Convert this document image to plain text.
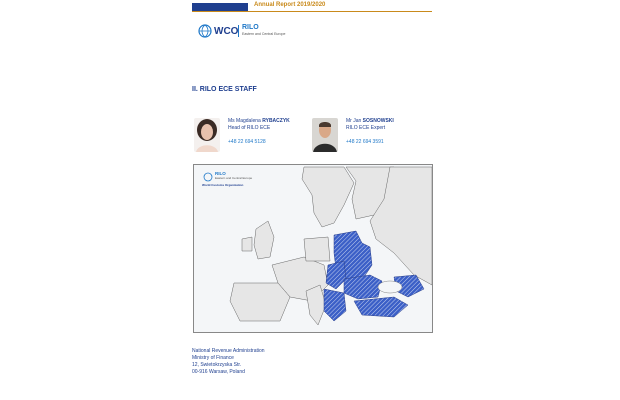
Annual Report 2019/2020
WCO RILO
Eastern and Central Europe
II. RILO ECE STAFF
Ms Magdalena RYBACZYK
Head of RILO ECE
+48 22 694 5128
Mr Jan SOSNOWSKI
RILO ECE Expert
+48 22 694 3591
RILO
Eastern and Central Europe
World Customs Organization
National Revenue Administration
Ministry of Finance
12, Swietokrzyska Str.
00-916 Warsaw, Poland
